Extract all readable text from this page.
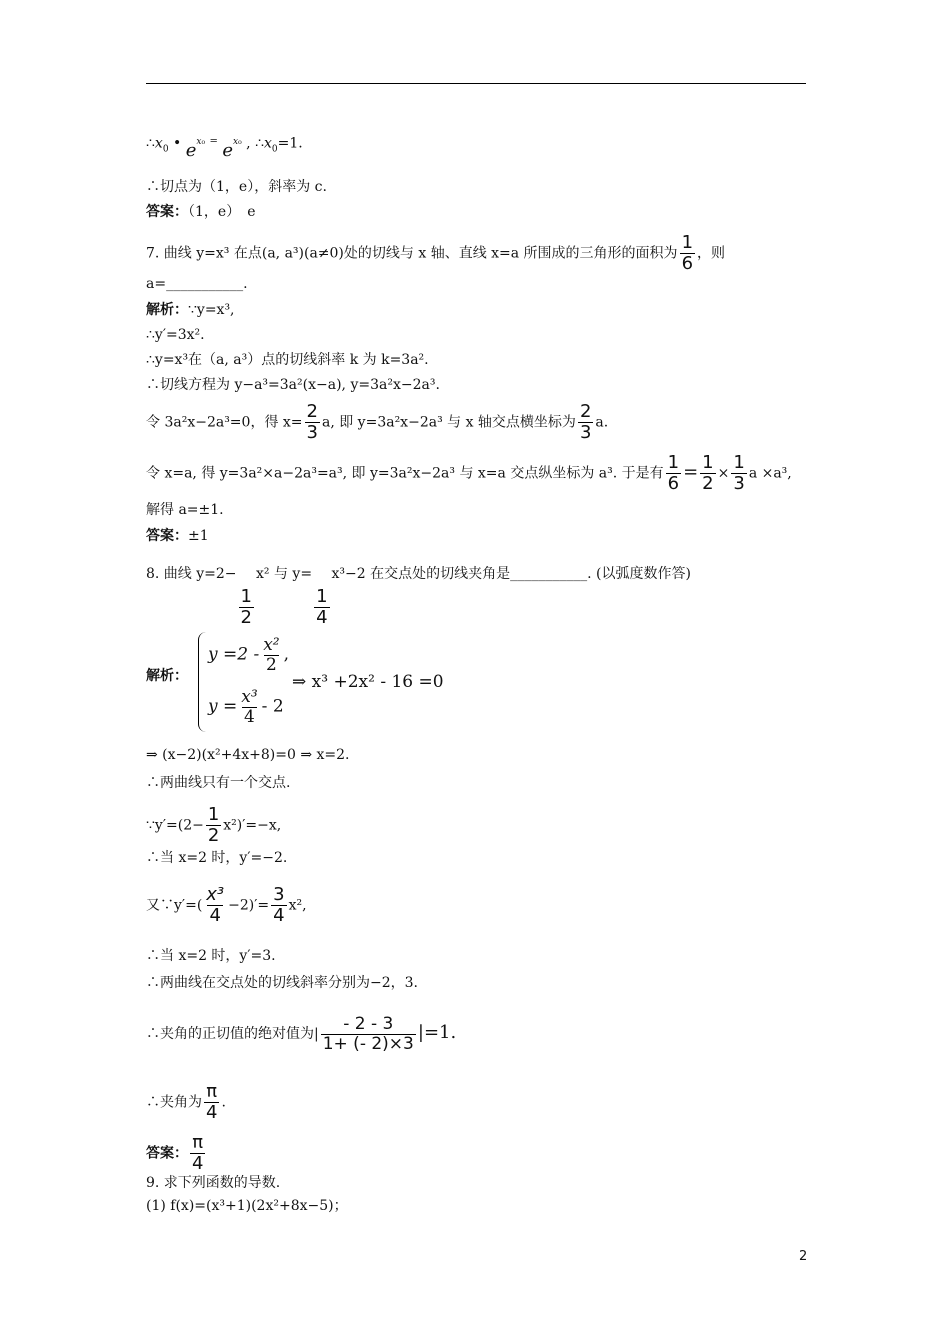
$\therefore x_0$ • $e^{x_0}$ = $e^{x_0}$ , $\therefore x_0=1$.
∴切点为（1，e），斜率为 c.
答案：（1，e）　e
7. 曲线 y=x³ 在点(a, a³)(a≠0)处的切线与 x 轴、直线 x=a 所围成的三角形的面积为 $\frac{1}{6}$ ，则
a=___________.
解析：∵y=x³,
∴y′=3x².
∴y=x³在（a, a³）点的切线斜率 k 为 k=3a².
∴切线方程为 y−a³=3a²(x−a), y=3a²x−2a³.
令 3a²x−2a³=0，得 $x= \frac{2}{3} a$, 即 y=3a²x−2a³ 与 x 轴交点横坐标为 $\frac{2}{3} a$.
令 x=a, 得 y=3a²×a−2a³=a³, 即 y=3a²x−2a³ 与 x=a 交点纵坐标为 a³. 于是有 $\frac{1}{6} = \frac{1}{2} \times \frac{1}{3}$ a ×a³,
解得 a=±1.
答案：±1
8. 曲线 y=2−
$\frac{1}{2}$
x² 与 y=
$\frac{1}{4}$
x³−2 在交点处的切线夹角是___________. (以弧度数作答)
解析：
$y =2 - \frac{\text{x²}}{2}$ ,
$y = \frac{\text{x³}}{4} - 2$
⇒ x³ +2x² - 16 =0
⇒ (x−2)(x²+4x+8)=0 ⇒ x=2.
∴两曲线只有一个交点.
∵y′=(2− $\frac{1}{2} x^2)'=-x$,
∴当 x=2 时，y′=−2.
又∵y′=( $\frac{\text{x³}}{4} -2)'= \frac{3}{4} x^2$,
∴当 x=2 时，y′=3.
∴两曲线在交点处的切线斜率分别为−2，3.
∴夹角的正切值的绝对值为| $\frac{- 2 - 3}{1+ (- 2)\times 3} |=1$.
∴夹角为 $\frac{\pi}{4}$ .
答案： $\frac{\pi}{4}$
9. 求下列函数的导数.
(1) f(x)=(x³+1)(2x²+8x−5)；
2
